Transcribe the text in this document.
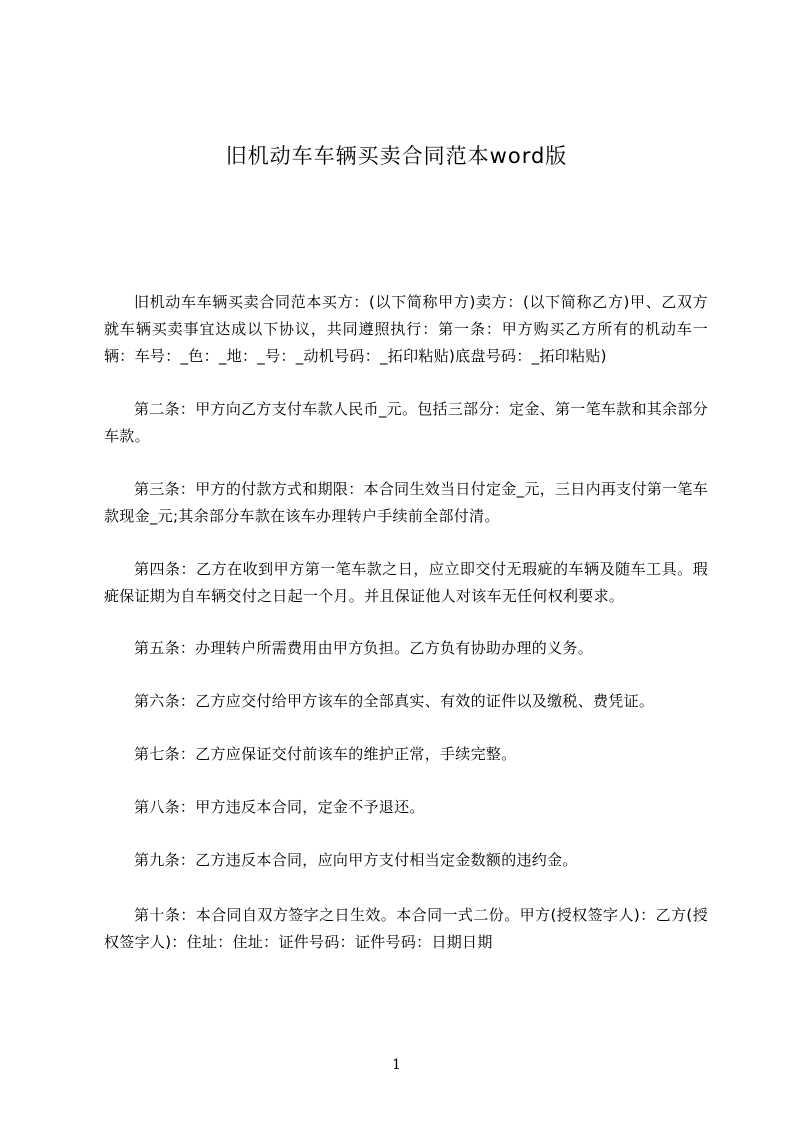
旧机动车车辆买卖合同范本word版

旧机动车车辆买卖合同范本买方：(以下简称甲方)卖方：(以下简称乙方)甲、乙双方就车辆买卖事宜达成以下协议，共同遵照执行：第一条：甲方购买乙方所有的机动车一辆：车号：_色：_地：_号：_动机号码：_拓印粘贴)底盘号码：_拓印粘贴)

第二条：甲方向乙方支付车款人民币_元。包括三部分：定金、第一笔车款和其余部分车款。

第三条：甲方的付款方式和期限：本合同生效当日付定金_元，三日内再支付第一笔车款现金_元;其余部分车款在该车办理转户手续前全部付清。

第四条：乙方在收到甲方第一笔车款之日，应立即交付无瑕疵的车辆及随车工具。瑕疵保证期为自车辆交付之日起一个月。并且保证他人对该车无任何权利要求。

第五条：办理转户所需费用由甲方负担。乙方负有协助办理的义务。

第六条：乙方应交付给甲方该车的全部真实、有效的证件以及缴税、费凭证。

第七条：乙方应保证交付前该车的维护正常，手续完整。

第八条：甲方违反本合同，定金不予退还。

第九条：乙方违反本合同，应向甲方支付相当定金数额的违约金。

第十条：本合同自双方签字之日生效。本合同一式二份。甲方(授权签字人)：乙方(授权签字人)：住址：住址：证件号码：证件号码：日期日期

1
